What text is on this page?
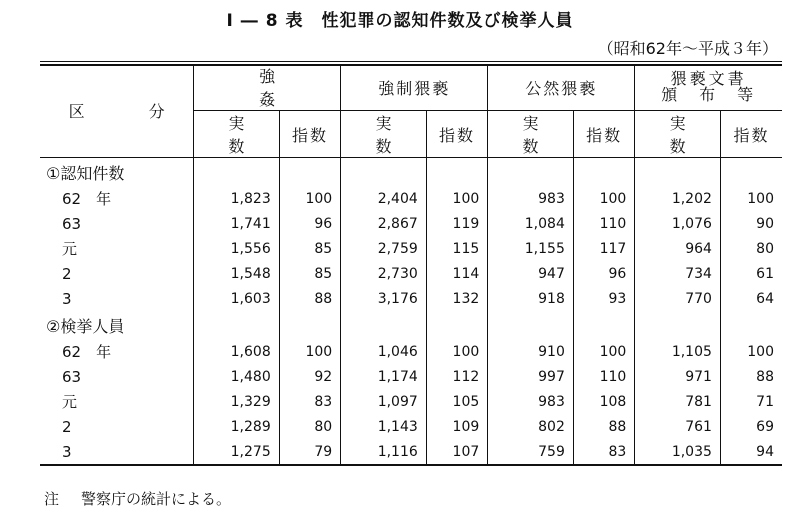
I ― 8 表　性犯罪の認知件数及び検挙人員
（昭和62年〜平成３年）
区　分	強　　姦		強制猥褻		公然猥褻		猥褻文書
頒　布　等	
	実 数	指数	実 数	指数	実 数	指数	実 数	指数
①認知件数								
62　年	1,823	100	2,404	100	983	100	1,202	100
63	1,741	96	2,867	119	1,084	110	1,076	90
元	1,556	85	2,759	115	1,155	117	964	80
2	1,548	85	2,730	114	947	96	734	61
3	1,603	88	3,176	132	918	93	770	64
②検挙人員								
62　年	1,608	100	1,046	100	910	100	1,105	100
63	1,480	92	1,174	112	997	110	971	88
元	1,329	83	1,097	105	983	108	781	71
2	1,289	80	1,143	109	802	88	761	69
3	1,275	79	1,116	107	759	83	1,035	94
注 警察庁の統計による。
